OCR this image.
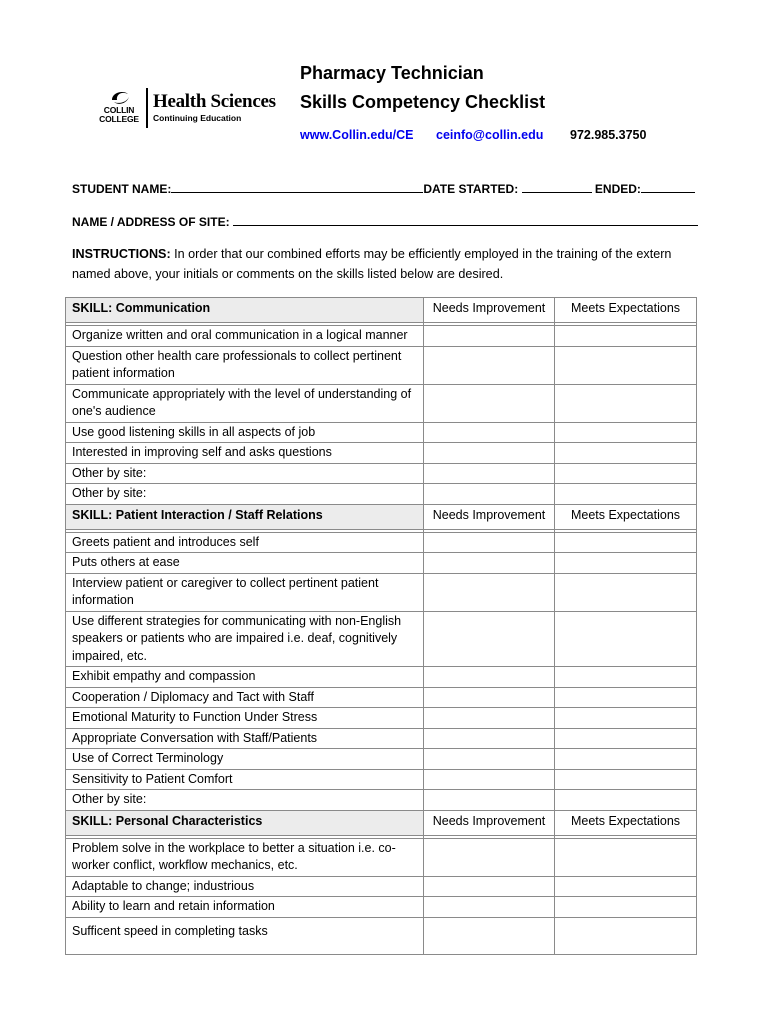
COLLIN
COLLEGE
Health Sciences
Continuing Education
Pharmacy Technician
Skills Competency Checklist
www.Collin.edu/CE ceinfo@collin.edu 972.985.3750
STUDENT NAME:	DATE STARTED:	ENDED:
NAME / ADDRESS OF SITE:
INSTRUCTIONS: In order that our combined efforts may be efficiently employed in the training of the extern named above, your initials or comments on the skills listed below are desired.
SKILL: Communication	Needs Improvement	Meets Expectations

Organize written and oral communication in a logical manner		
Question other health care professionals to collect pertinent patient information		
Communicate appropriately with the level of understanding of one's audience		
Use good listening skills in all aspects of job		
Interested in improving self and asks questions		
Other by site:		
Other by site:		
SKILL: Patient Interaction / Staff Relations	Needs Improvement	Meets Expectations

Greets patient and introduces self		
Puts others at ease		
Interview patient or caregiver to collect pertinent patient information		
Use different strategies for communicating with non-English speakers or patients who are impaired i.e. deaf, cognitively impaired, etc.		
Exhibit empathy and compassion		
Cooperation / Diplomacy and Tact with Staff		
Emotional Maturity to Function Under Stress		
Appropriate Conversation with Staff/Patients		
Use of Correct Terminology		
Sensitivity to Patient Comfort		
Other by site:		
SKILL: Personal Characteristics	Needs Improvement	Meets Expectations

Problem solve in the workplace to better a situation i.e. co-worker conflict, workflow mechanics, etc.		
Adaptable to change; industrious		
Ability to learn and retain information		
Sufficent speed in completing tasks		
